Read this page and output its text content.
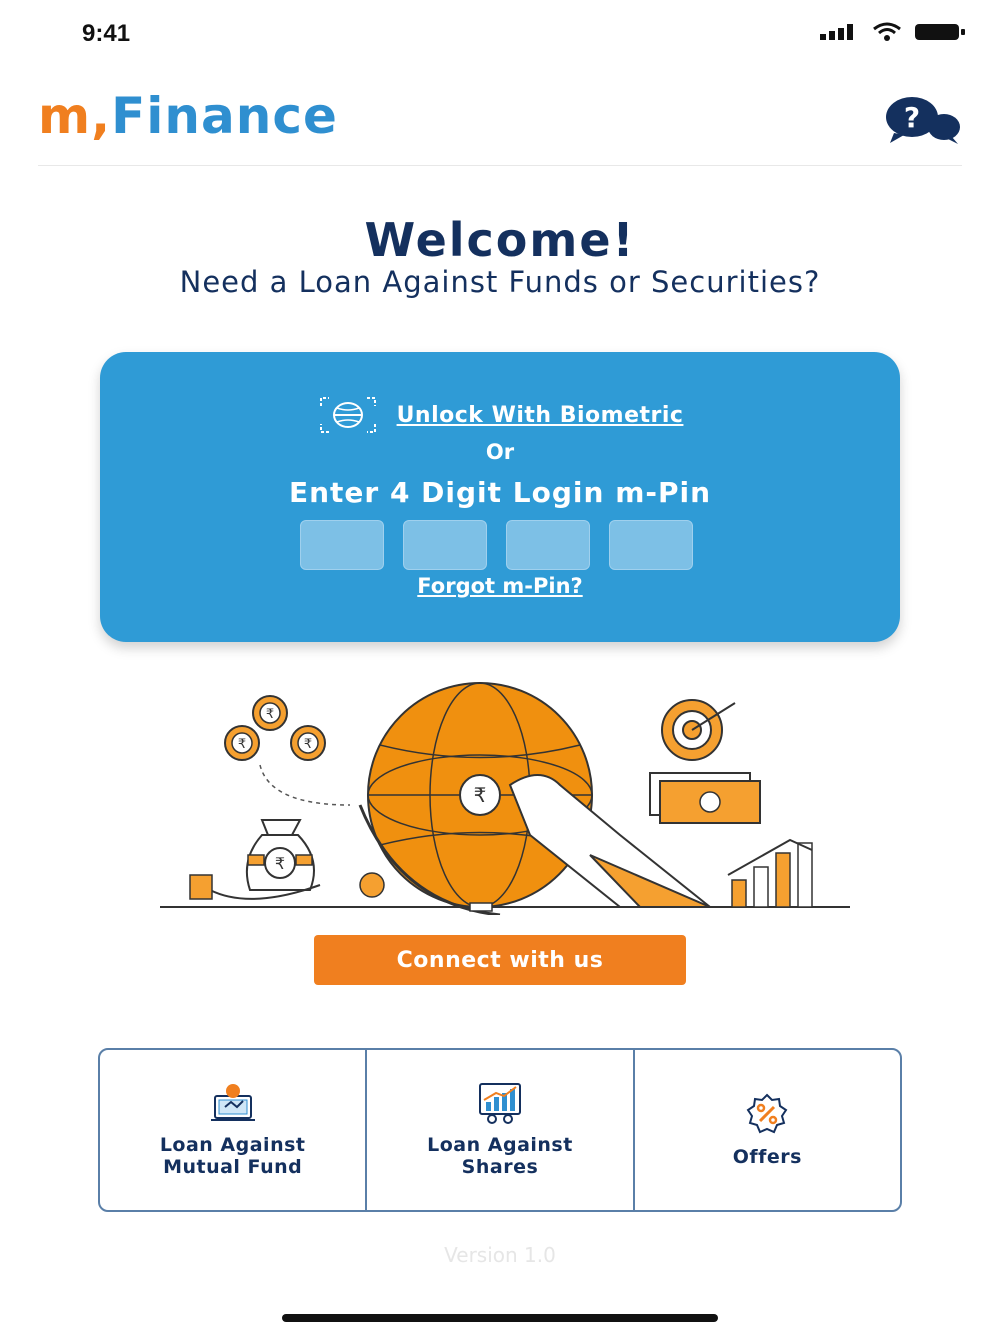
9:41
m,Finance	?
Welcome!
Need a Loan Against Funds or Securities?
Unlock With Biometric
Or
Enter 4 Digit Login m-Pin
Forgot m-Pin?
₹
₹	₹
₹
₹
Connect with us
Loan Against
Mutual Fund
Loan Against
Shares	Offers
Version 1.0
